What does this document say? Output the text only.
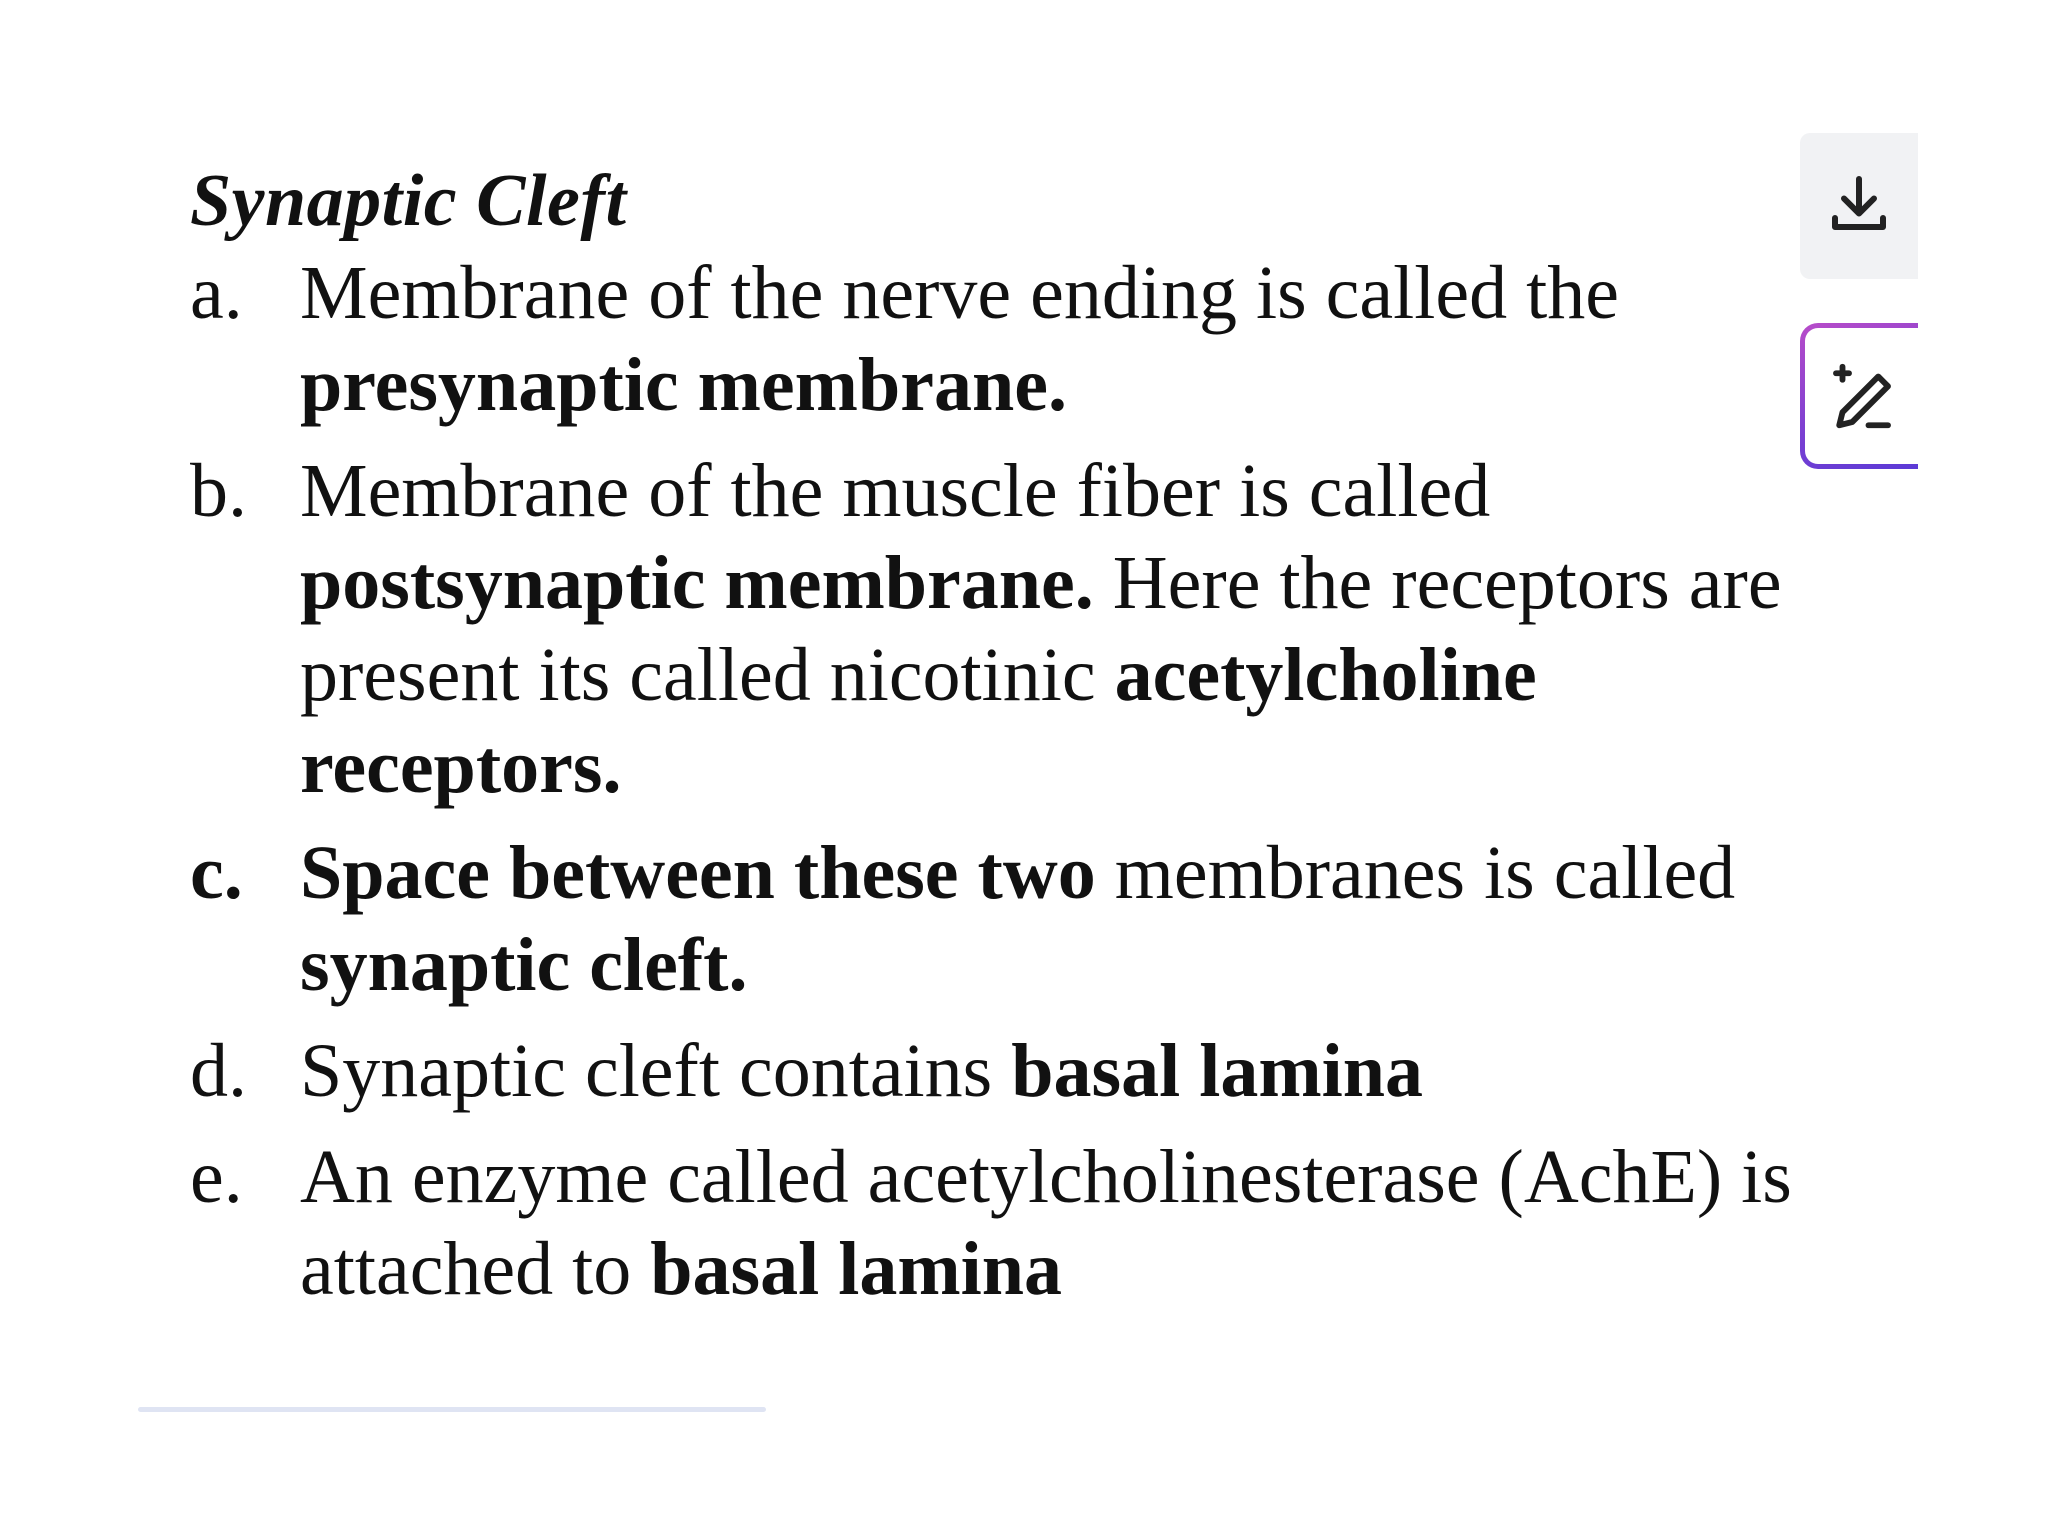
Synaptic Cleft
a. Membrane of the nerve ending is called the presynaptic membrane.
b. Membrane of the muscle fiber is called postsynaptic membrane. Here the receptors are present its called nicotinic acetylcholine receptors.
c. Space between these two membranes is called synaptic cleft.
d. Synaptic cleft contains basal lamina
e. An enzyme called acetylcholinesterase (AchE) is attached to basal lamina
